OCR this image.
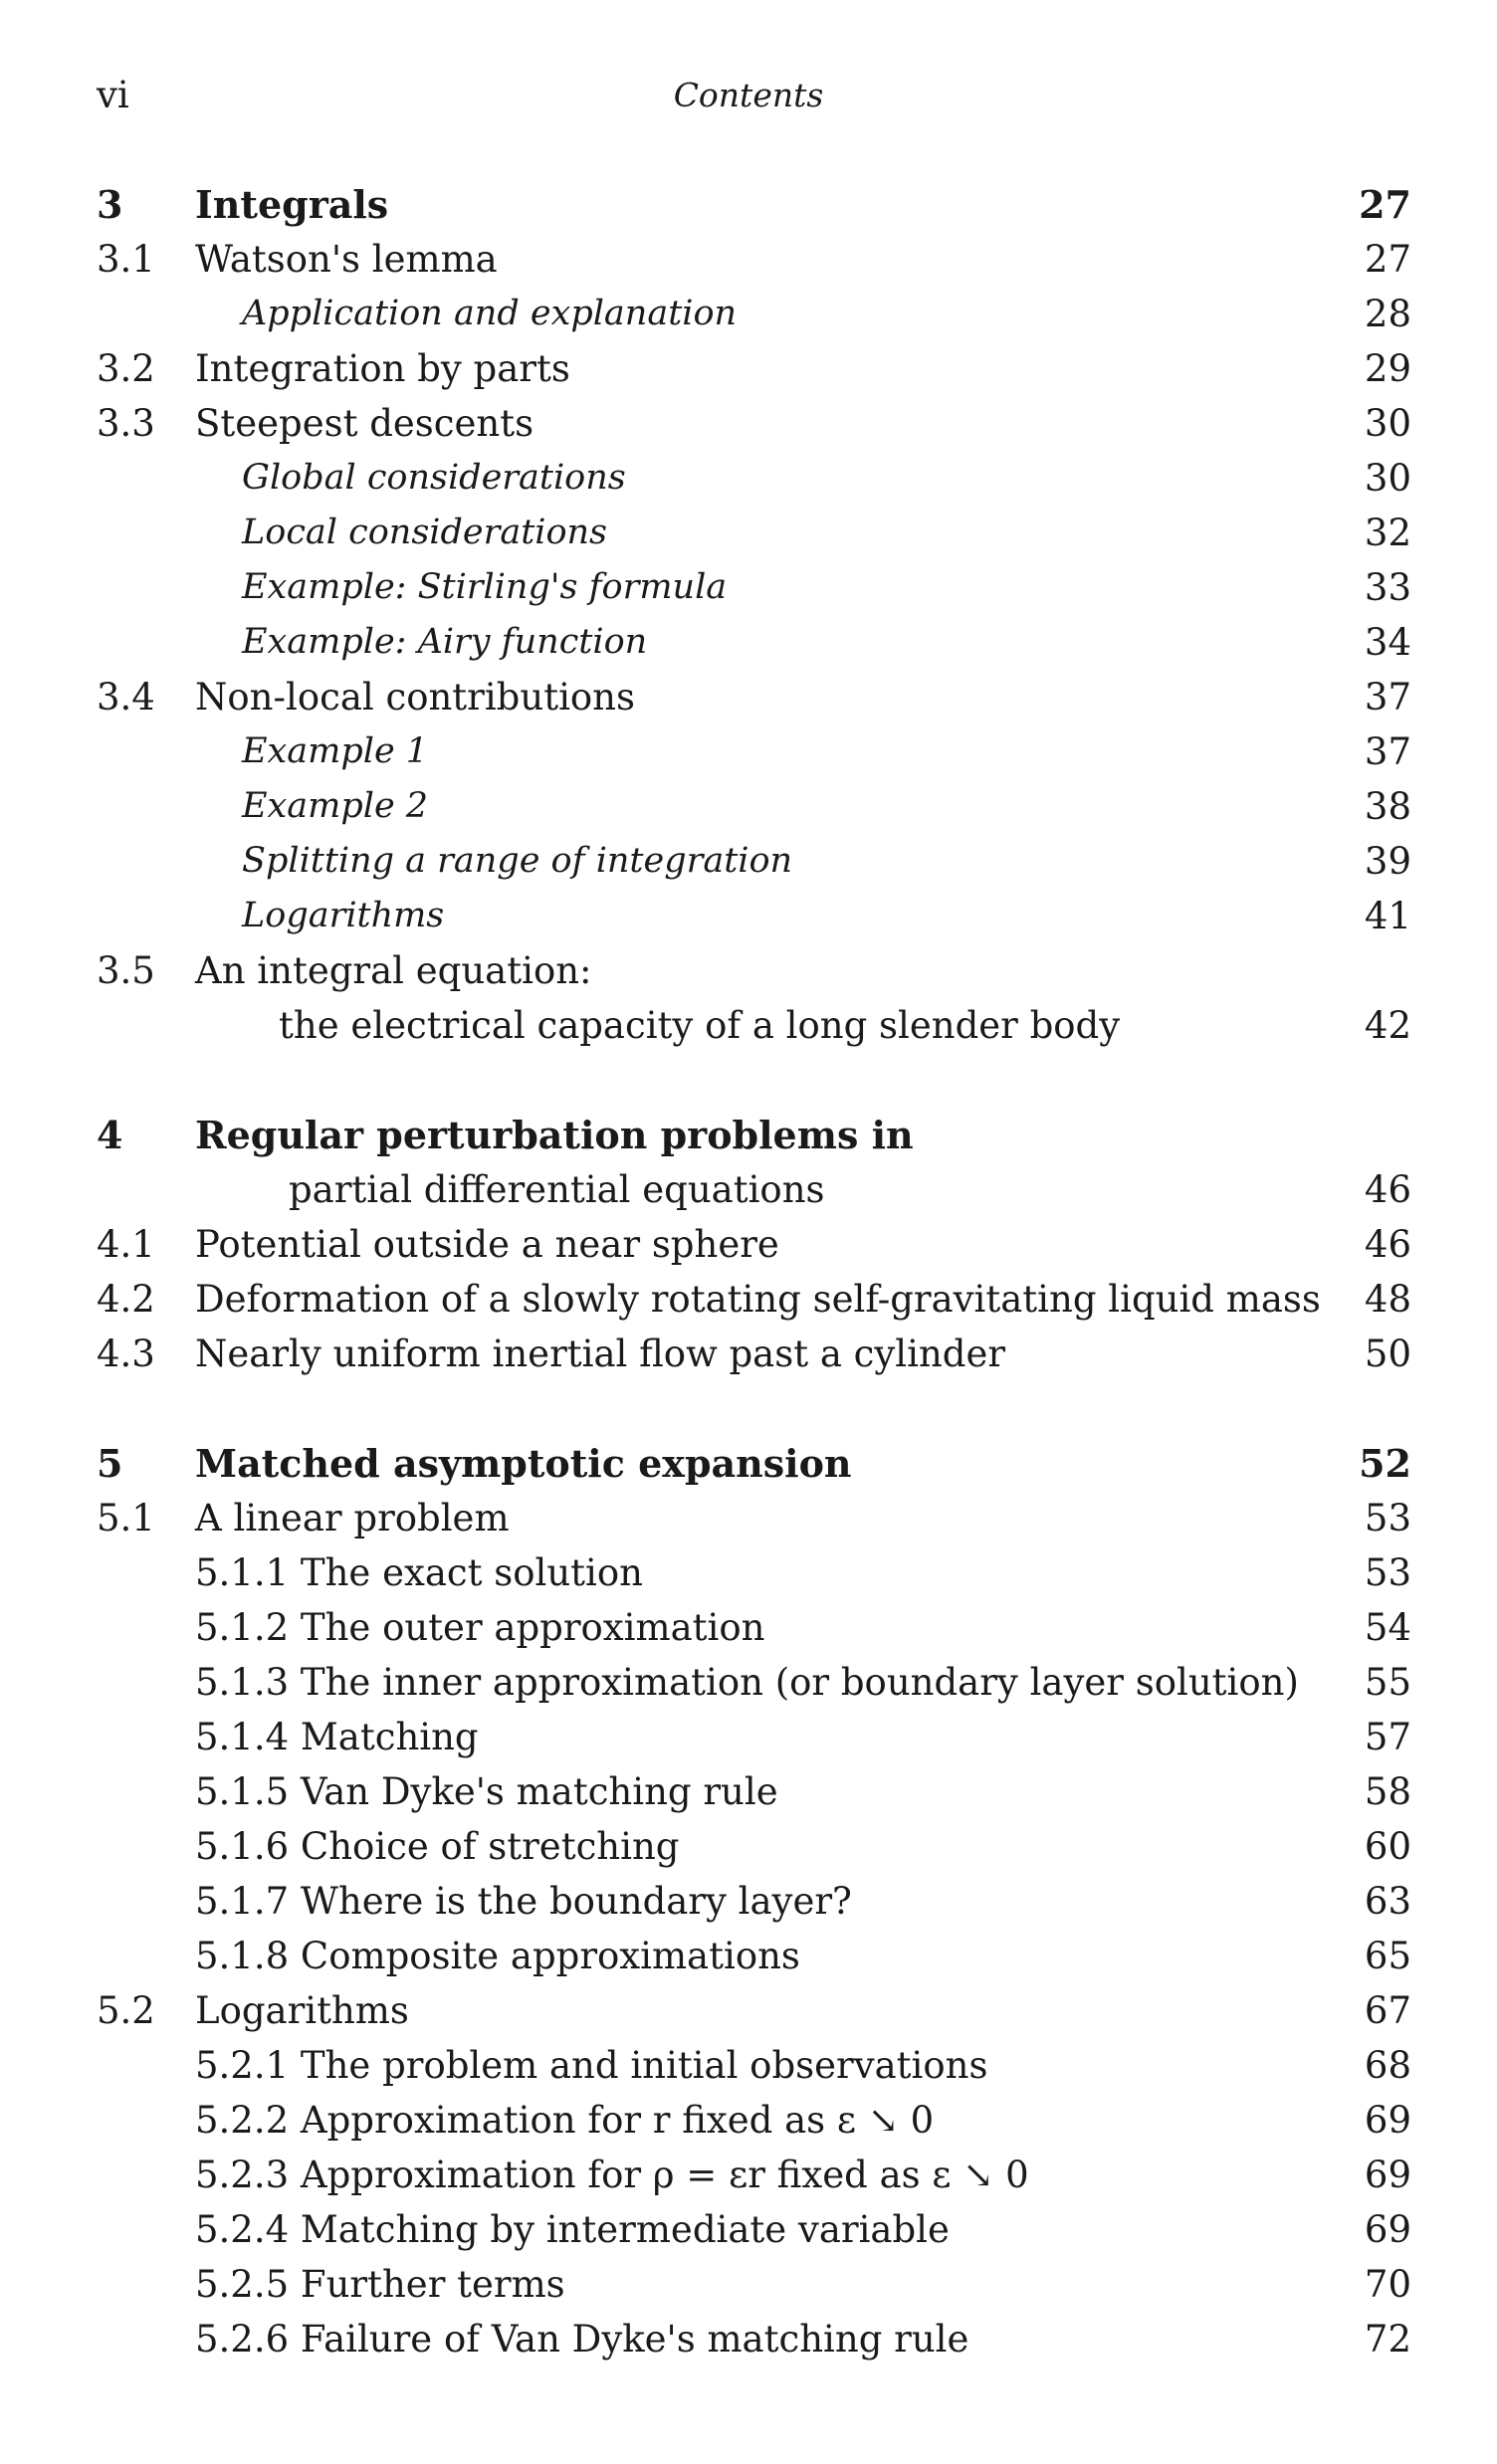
vi	Contents
3 Integrals	27
3.1 Watson's lemma	27
Application and explanation	28
3.2 Integration by parts	29
3.3 Steepest descents	30
Global considerations	30
Local considerations	32
Example: Stirling's formula	33
Example: Airy function	34
3.4 Non-local contributions	37
Example 1	37
Example 2	38
Splitting a range of integration	39
Logarithms	41
3.5 An integral equation:
the electrical capacity of a long slender body	42
4 Regular perturbation problems in
partial differential equations	46
4.1 Potential outside a near sphere	46
4.2 Deformation of a slowly rotating self-gravitating liquid mass 48
4.3 Nearly uniform inertial flow past a cylinder	50
5 Matched asymptotic expansion	52
5.1 A linear problem	53
5.1.1 The exact solution	53
5.1.2 The outer approximation	54
5.1.3 The inner approximation (or boundary layer solution) 55
5.1.4 Matching	57
5.1.5 Van Dyke's matching rule	58
5.1.6 Choice of stretching	60
5.1.7 Where is the boundary layer?	63
5.1.8 Composite approximations	65
5.2 Logarithms	67
5.2.1 The problem and initial observations	68
5.2.2 Approximation for r fixed as ε ↘ 0	69
5.2.3 Approximation for ρ = εr fixed as ε ↘ 0	69
5.2.4 Matching by intermediate variable	69
5.2.5 Further terms	70
5.2.6 Failure of Van Dyke's matching rule	72
